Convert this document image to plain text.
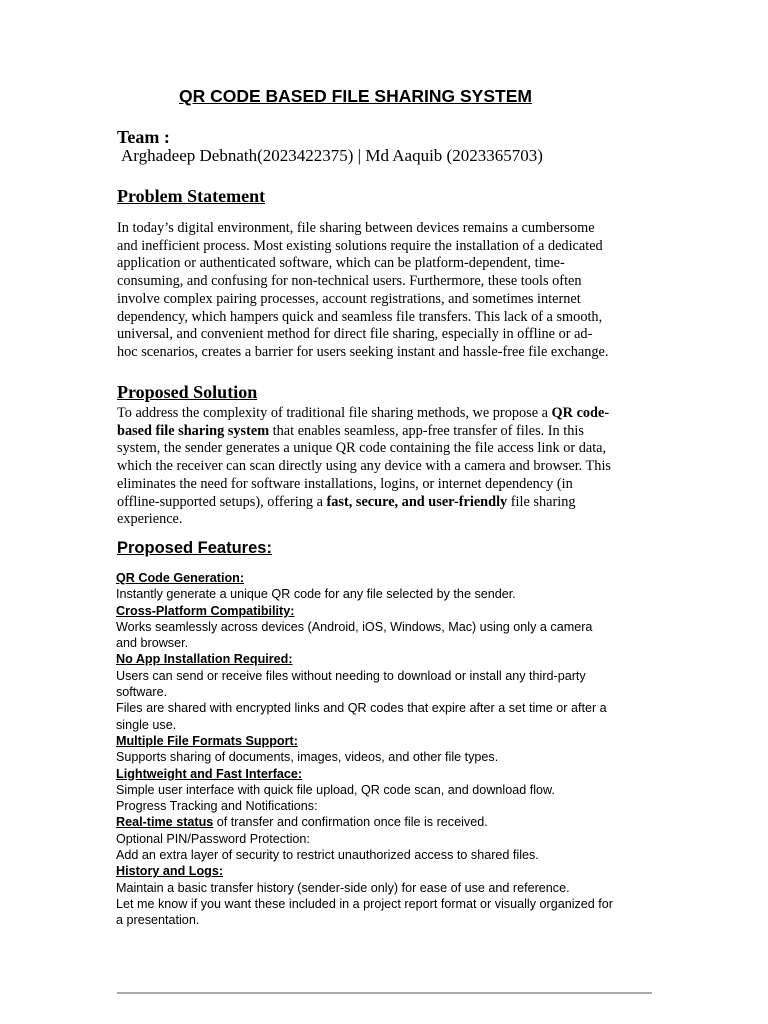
QR CODE BASED FILE SHARING SYSTEM
Team :
Arghadeep Debnath(2023422375) | Md Aaquib (2023365703)
Problem Statement
In today’s digital environment, file sharing between devices remains a cumbersome
and inefficient process. Most existing solutions require the installation of a dedicated
application or authenticated software, which can be platform-dependent, time-
consuming, and confusing for non-technical users. Furthermore, these tools often
involve complex pairing processes, account registrations, and sometimes internet
dependency, which hampers quick and seamless file transfers. This lack of a smooth,
universal, and convenient method for direct file sharing, especially in offline or ad-
hoc scenarios, creates a barrier for users seeking instant and hassle-free file exchange.
Proposed Solution
To address the complexity of traditional file sharing methods, we propose a QR code-
based file sharing system that enables seamless, app-free transfer of files. In this
system, the sender generates a unique QR code containing the file access link or data,
which the receiver can scan directly using any device with a camera and browser. This
eliminates the need for software installations, logins, or internet dependency (in
offline-supported setups), offering a fast, secure, and user-friendly file sharing
experience.
Proposed Features:
QR Code Generation:
Instantly generate a unique QR code for any file selected by the sender.
Cross-Platform Compatibility:
Works seamlessly across devices (Android, iOS, Windows, Mac) using only a camera
and browser.
No App Installation Required:
Users can send or receive files without needing to download or install any third-party
software.
Files are shared with encrypted links and QR codes that expire after a set time or after a
single use.
Multiple File Formats Support:
Supports sharing of documents, images, videos, and other file types.
Lightweight and Fast Interface:
Simple user interface with quick file upload, QR code scan, and download flow.
Progress Tracking and Notifications:
Real-time status of transfer and confirmation once file is received.
Optional PIN/Password Protection:
Add an extra layer of security to restrict unauthorized access to shared files.
History and Logs:
Maintain a basic transfer history (sender-side only) for ease of use and reference.
Let me know if you want these included in a project report format or visually organized for
a presentation.
